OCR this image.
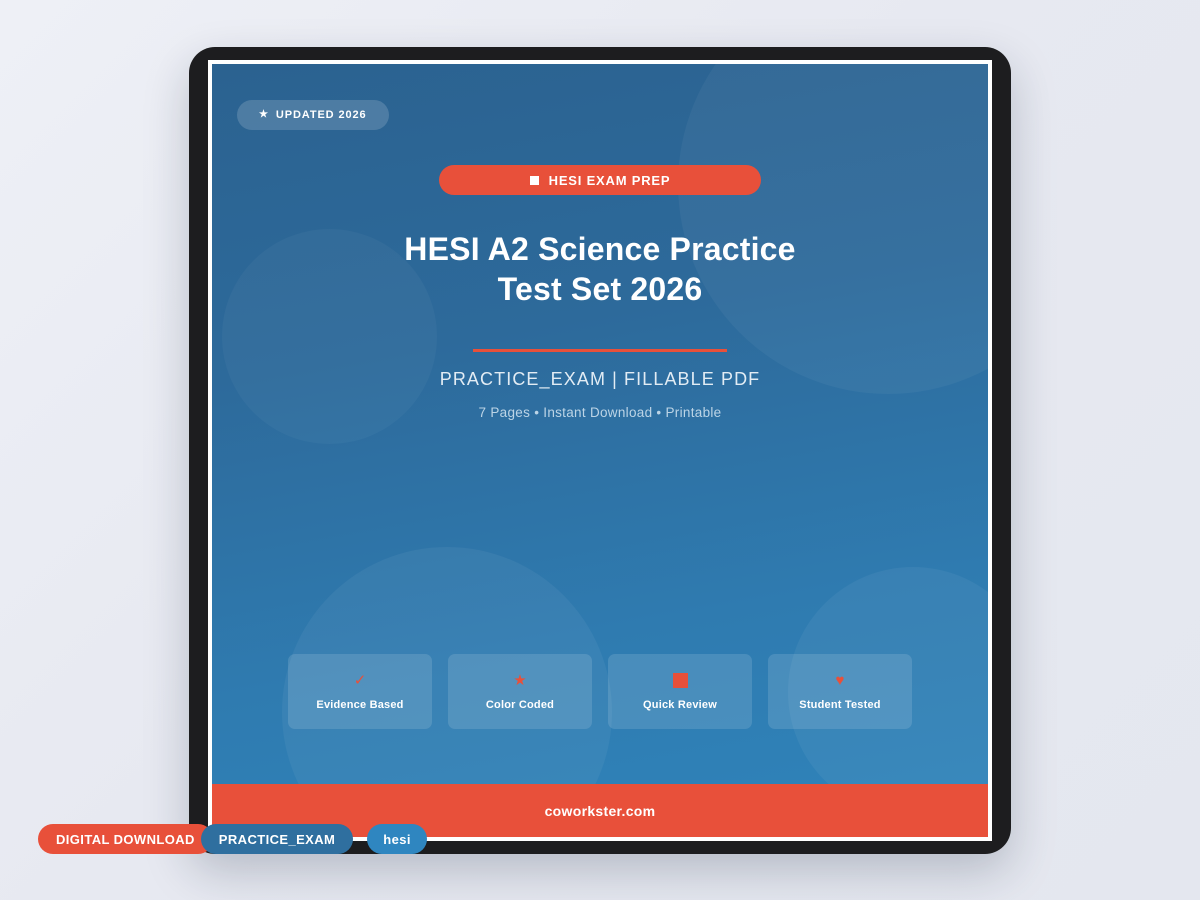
★ UPDATED 2026
HESI EXAM PREP
HESI A2 Science Practice
Test Set 2026
PRACTICE_EXAM | FILLABLE PDF
7 Pages • Instant Download • Printable
✓
Evidence Based
★
Color Coded	Quick Review
♥
Student Tested
coworkster.com
DIGITAL DOWNLOAD	PRACTICE_EXAM	hesi
